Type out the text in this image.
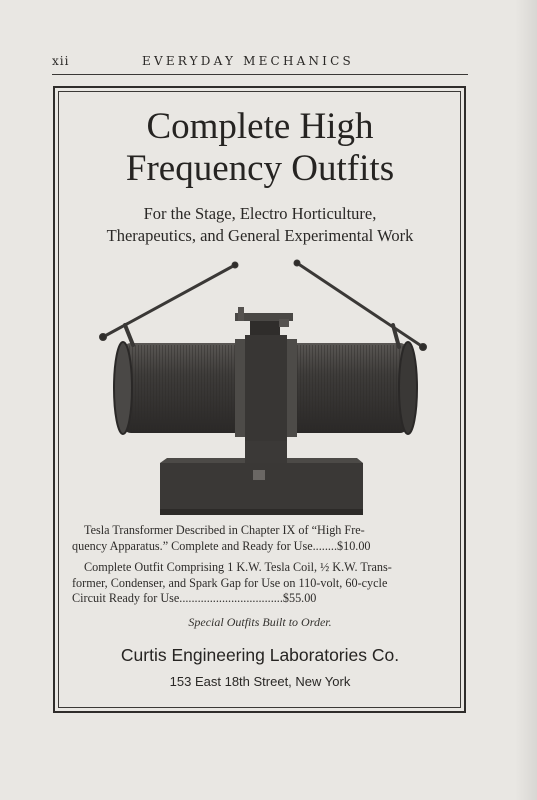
xii	EVERYDAY MECHANICS
Complete High
Frequency Outfits
For the Stage, Electro Horticulture,
Therapeutics, and General Experimental Work
Tesla Transformer Described in Chapter IX of “High Fre-
quency Apparatus.” Complete and Ready for Use........$10.00
Complete Outfit Comprising 1 K.W. Tesla Coil, ½ K.W. Trans-
former, Condenser, and Spark Gap for Use on 110-volt, 60-cycle
Circuit Ready for Use..................................$55.00
Special Outfits Built to Order.
Curtis Engineering Laboratories Co.
153 East 18th Street, New York
